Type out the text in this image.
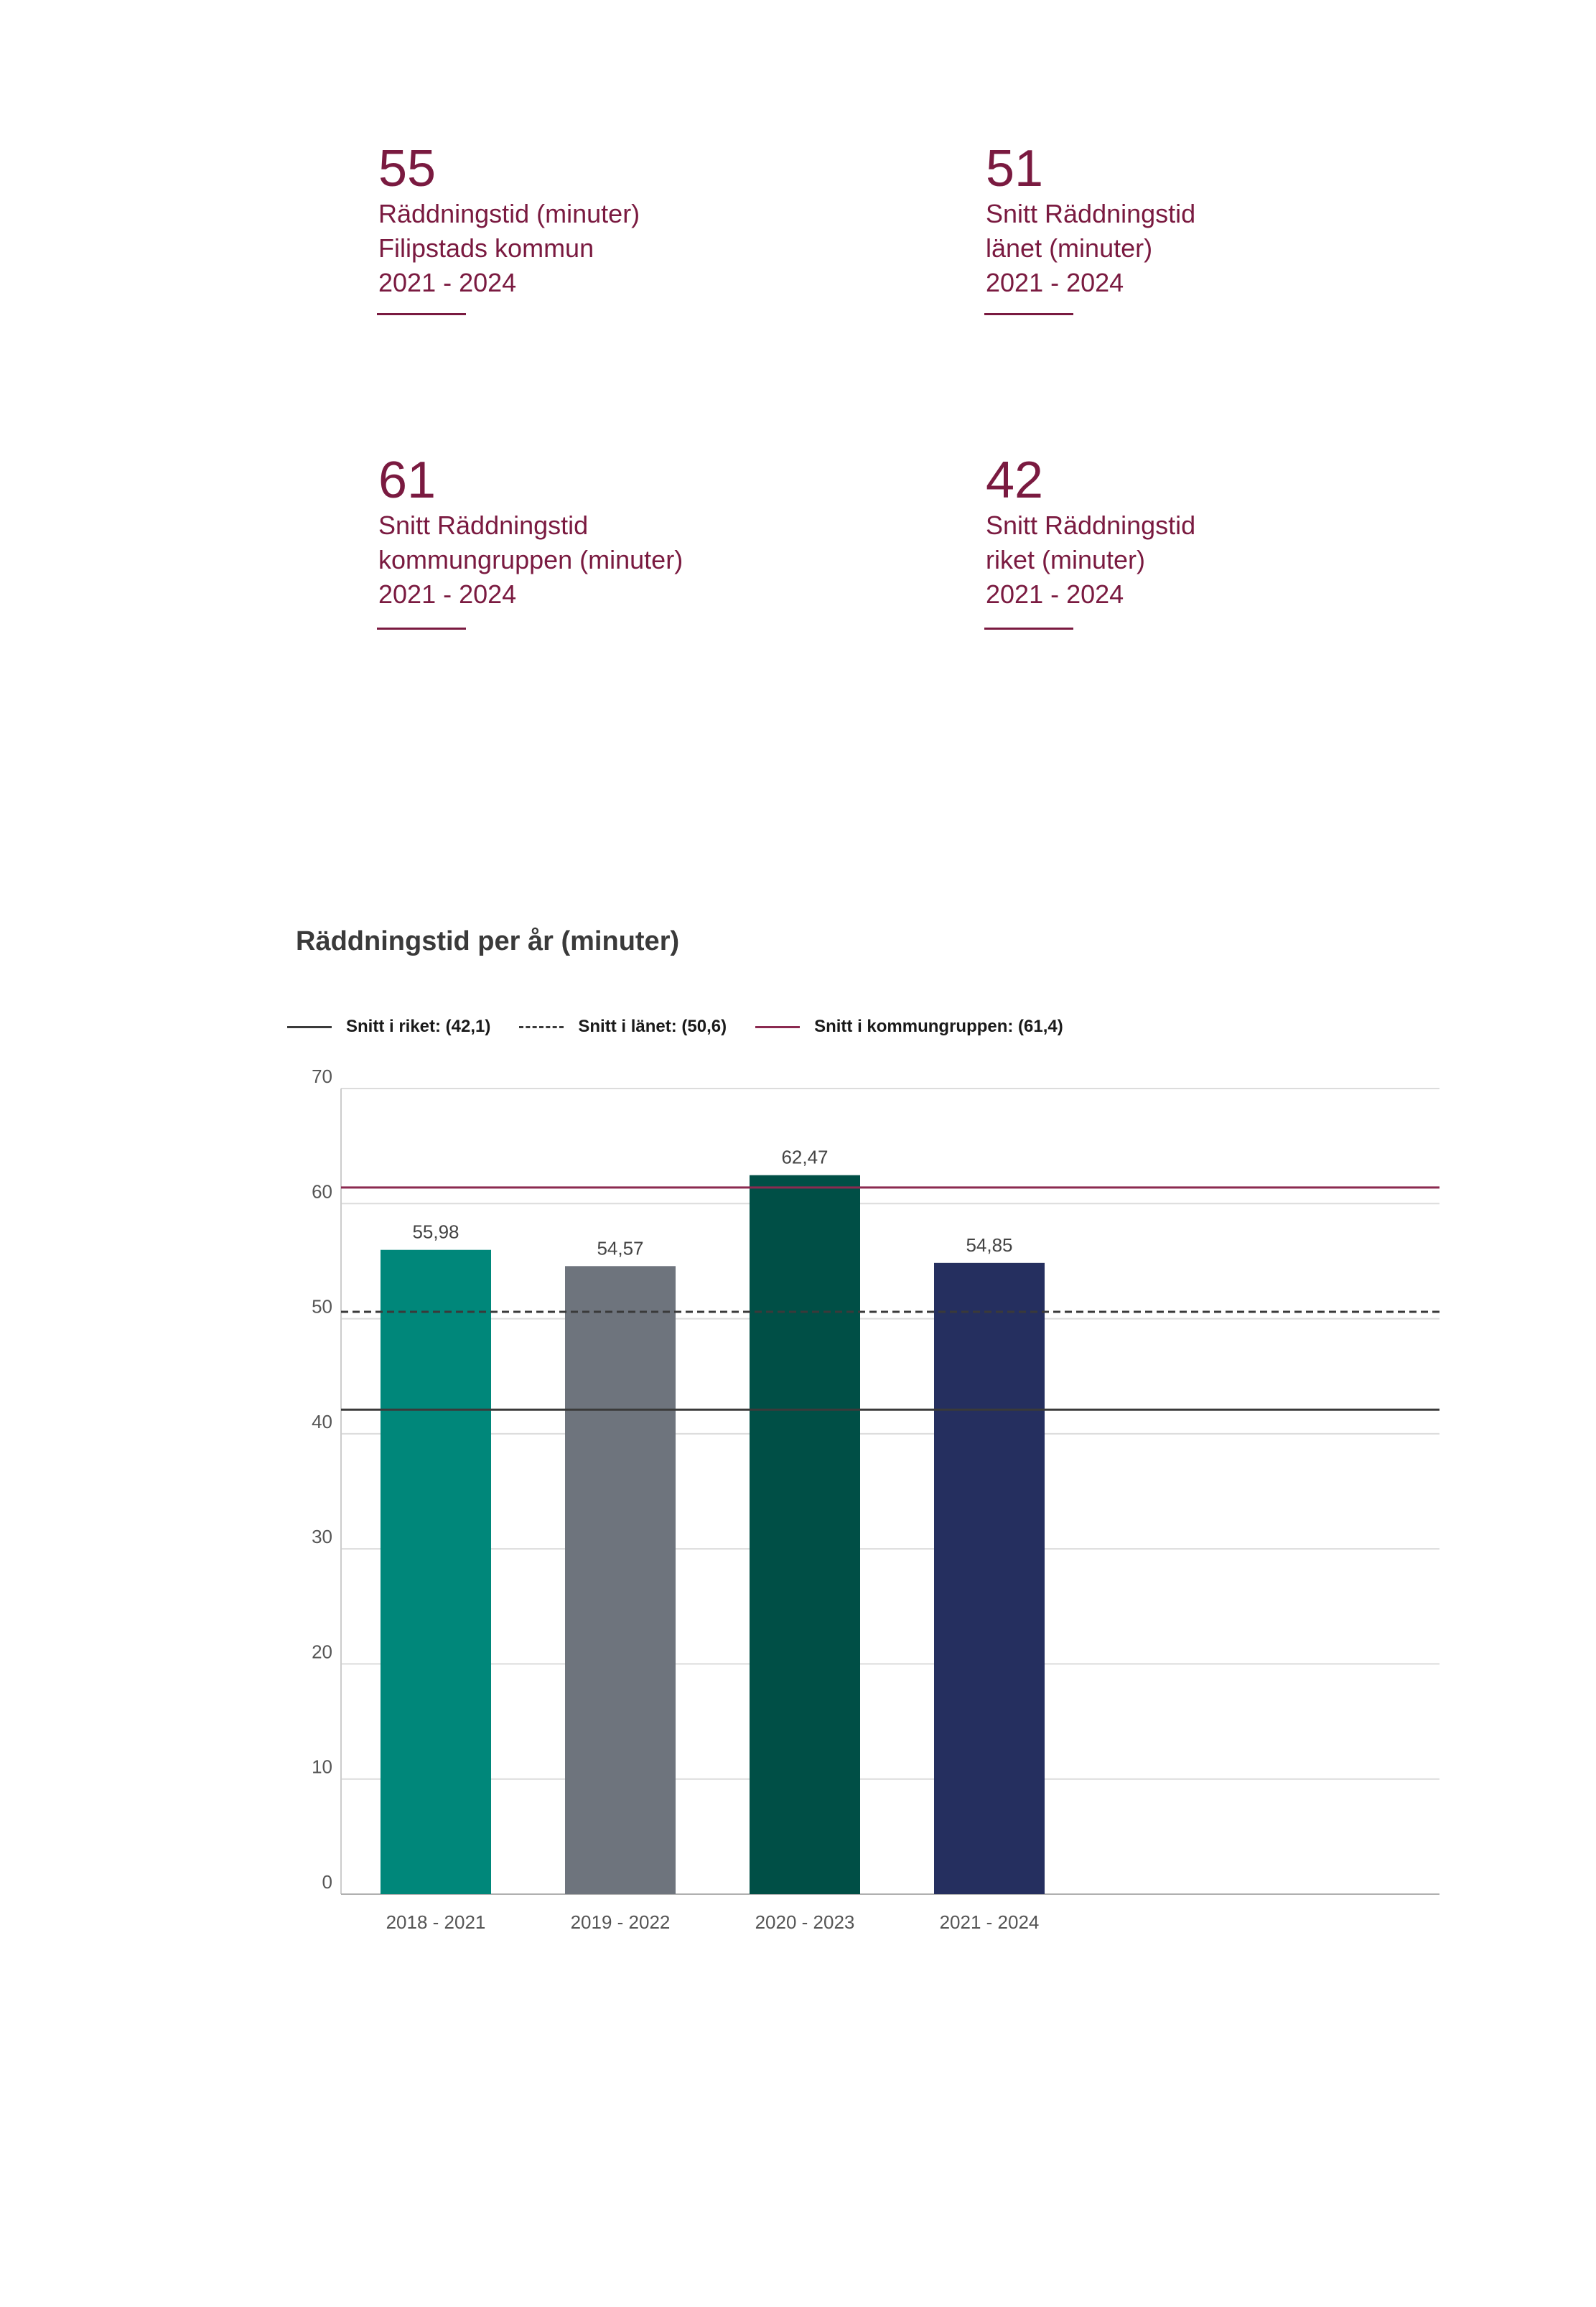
55
Räddningstid (minuter)
Filipstads kommun
2021 - 2024
51
Snitt Räddningstid
länet (minuter)
2021 - 2024
61
Snitt Räddningstid
kommungruppen (minuter)
2021 - 2024
42
Snitt Räddningstid
riket (minuter)
2021 - 2024
Räddningstid per år (minuter)
Snitt i riket: (42,1)	Snitt i länet: (50,6)	Snitt i kommungruppen: (61,4)
0
10
20
30
40
50
60
70
55,98
2018 - 2021
54,57
2019 - 2022
62,47
2020 - 2023
54,85
2021 - 2024
